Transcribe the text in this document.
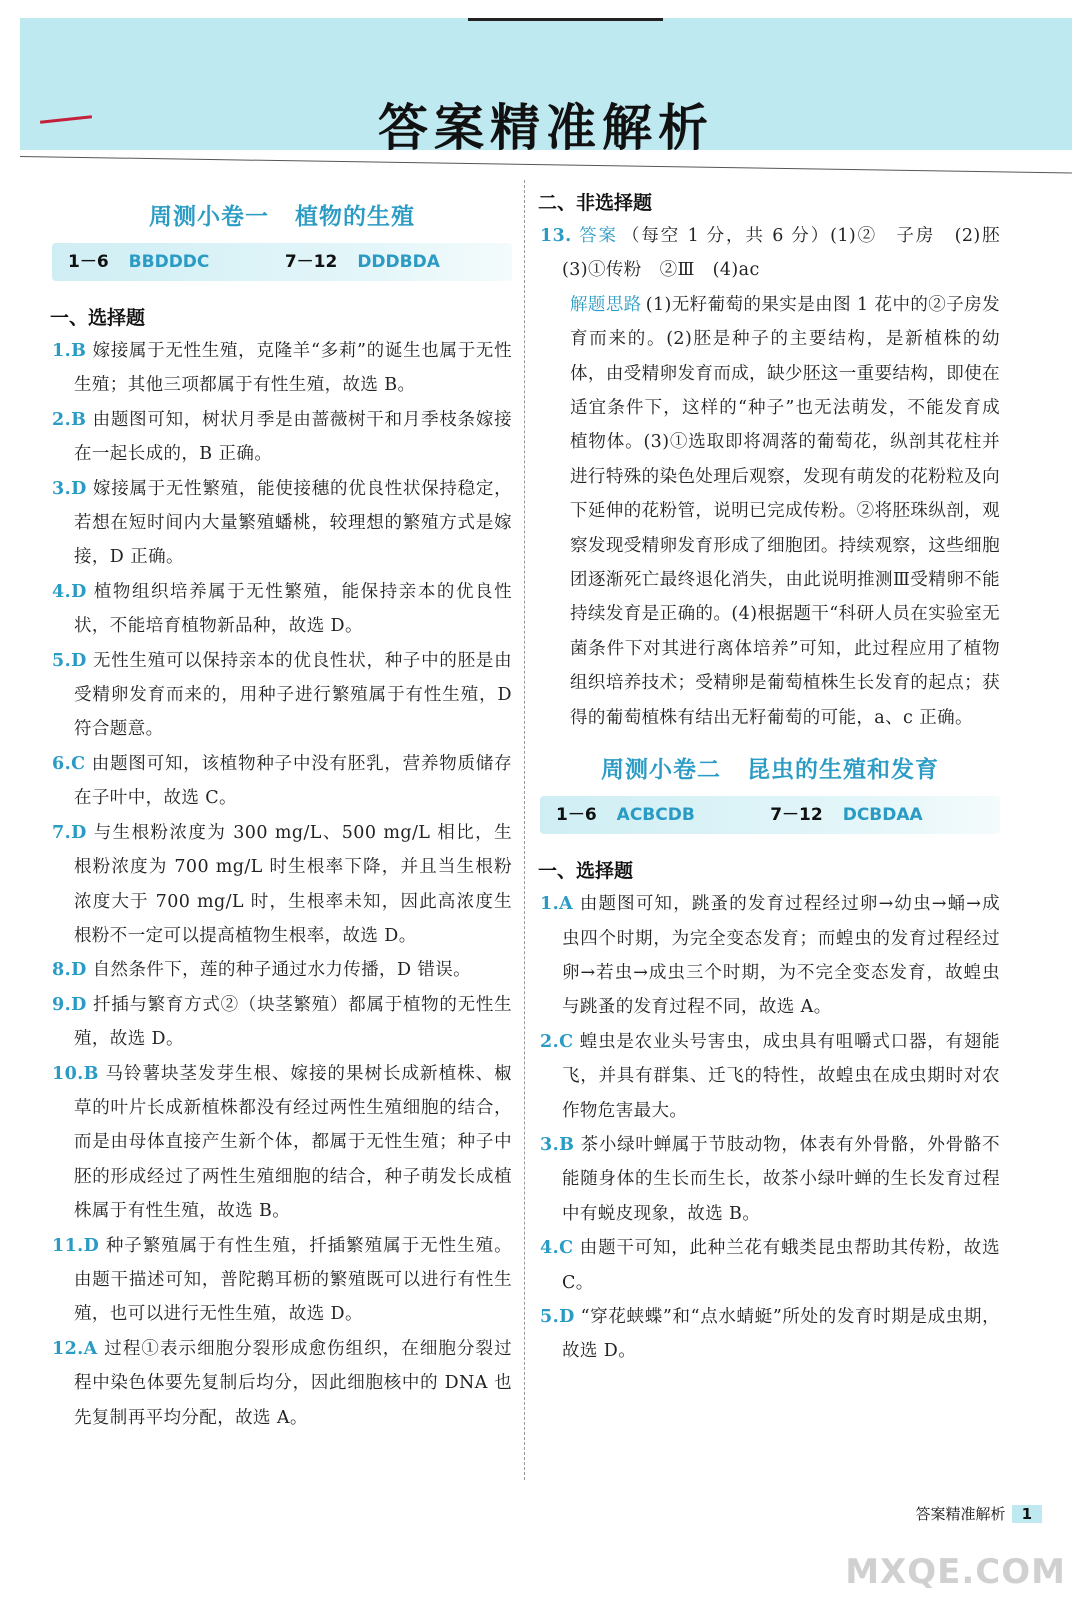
答案精准解析
周测小卷一 植物的生殖
1－6 BBDDDC	7－12 DDDBDA
一、选择题
1.B 嫁接属于无性生殖，克隆羊“多莉”的诞生也属于无性生殖；其他三项都属于有性生殖，故选 B。
2.B 由题图可知，树状月季是由蔷薇树干和月季枝条嫁接在一起长成的，B 正确。
3.D 嫁接属于无性繁殖，能使接穗的优良性状保持稳定，若想在短时间内大量繁殖蟠桃，较理想的繁殖方式是嫁接，D 正确。
4.D 植物组织培养属于无性繁殖，能保持亲本的优良性状，不能培育植物新品种，故选 D。
5.D 无性生殖可以保持亲本的优良性状，种子中的胚是由受精卵发育而来的，用种子进行繁殖属于有性生殖，D 符合题意。
6.C 由题图可知，该植物种子中没有胚乳，营养物质储存在子叶中，故选 C。
7.D 与生根粉浓度为 300 mg/L、500 mg/L 相比，生根粉浓度为 700 mg/L 时生根率下降，并且当生根粉浓度大于 700 mg/L 时，生根率未知，因此高浓度生根粉不一定可以提高植物生根率，故选 D。
8.D 自然条件下，莲的种子通过水力传播，D 错误。
9.D 扦插与繁育方式②（块茎繁殖）都属于植物的无性生殖，故选 D。
10.B 马铃薯块茎发芽生根、嫁接的果树长成新植株、椒草的叶片长成新植株都没有经过两性生殖细胞的结合，而是由母体直接产生新个体，都属于无性生殖；种子中胚的形成经过了两性生殖细胞的结合，种子萌发长成植株属于有性生殖，故选 B。
11.D 种子繁殖属于有性生殖，扦插繁殖属于无性生殖。由题干描述可知，普陀鹅耳枥的繁殖既可以进行有性生殖，也可以进行无性生殖，故选 D。
12.A 过程①表示细胞分裂形成愈伤组织，在细胞分裂过程中染色体要先复制后均分，因此细胞核中的 DNA 也先复制再平均分配，故选 A。
二、非选择题
13. 答案 （每空 1 分，共 6 分）(1)②　子房　(2)胚　(3)①传粉　②Ⅲ　(4)ac
解题思路 (1)无籽葡萄的果实是由图 1 花中的②子房发育而来的。(2)胚是种子的主要结构，是新植株的幼体，由受精卵发育而成，缺少胚这一重要结构，即使在适宜条件下，这样的“种子”也无法萌发，不能发育成植物体。(3)①选取即将凋落的葡萄花，纵剖其花柱并进行特殊的染色处理后观察，发现有萌发的花粉粒及向下延伸的花粉管，说明已完成传粉。②将胚珠纵剖，观察发现受精卵发育形成了细胞团。持续观察，这些细胞团逐渐死亡最终退化消失，由此说明推测Ⅲ受精卵不能持续发育是正确的。(4)根据题干“科研人员在实验室无菌条件下对其进行离体培养”可知，此过程应用了植物组织培养技术；受精卵是葡萄植株生长发育的起点；获得的葡萄植株有结出无籽葡萄的可能，a、c 正确。
周测小卷二 昆虫的生殖和发育
1－6 ACBCDB	7－12 DCBDAA
一、选择题
1.A 由题图可知，跳蚤的发育过程经过卵→幼虫→蛹→成虫四个时期，为完全变态发育；而蝗虫的发育过程经过卵→若虫→成虫三个时期，为不完全变态发育，故蝗虫与跳蚤的发育过程不同，故选 A。
2.C 蝗虫是农业头号害虫，成虫具有咀嚼式口器，有翅能飞，并具有群集、迁飞的特性，故蝗虫在成虫期时对农作物危害最大。
3.B 茶小绿叶蝉属于节肢动物，体表有外骨骼，外骨骼不能随身体的生长而生长，故茶小绿叶蝉的生长发育过程中有蜕皮现象，故选 B。
4.C 由题干可知，此种兰花有蛾类昆虫帮助其传粉，故选 C。
5.D “穿花蛱蝶”和“点水蜻蜓”所处的发育时期是成虫期，故选 D。
答案精准解析 1
MXQE.COM
